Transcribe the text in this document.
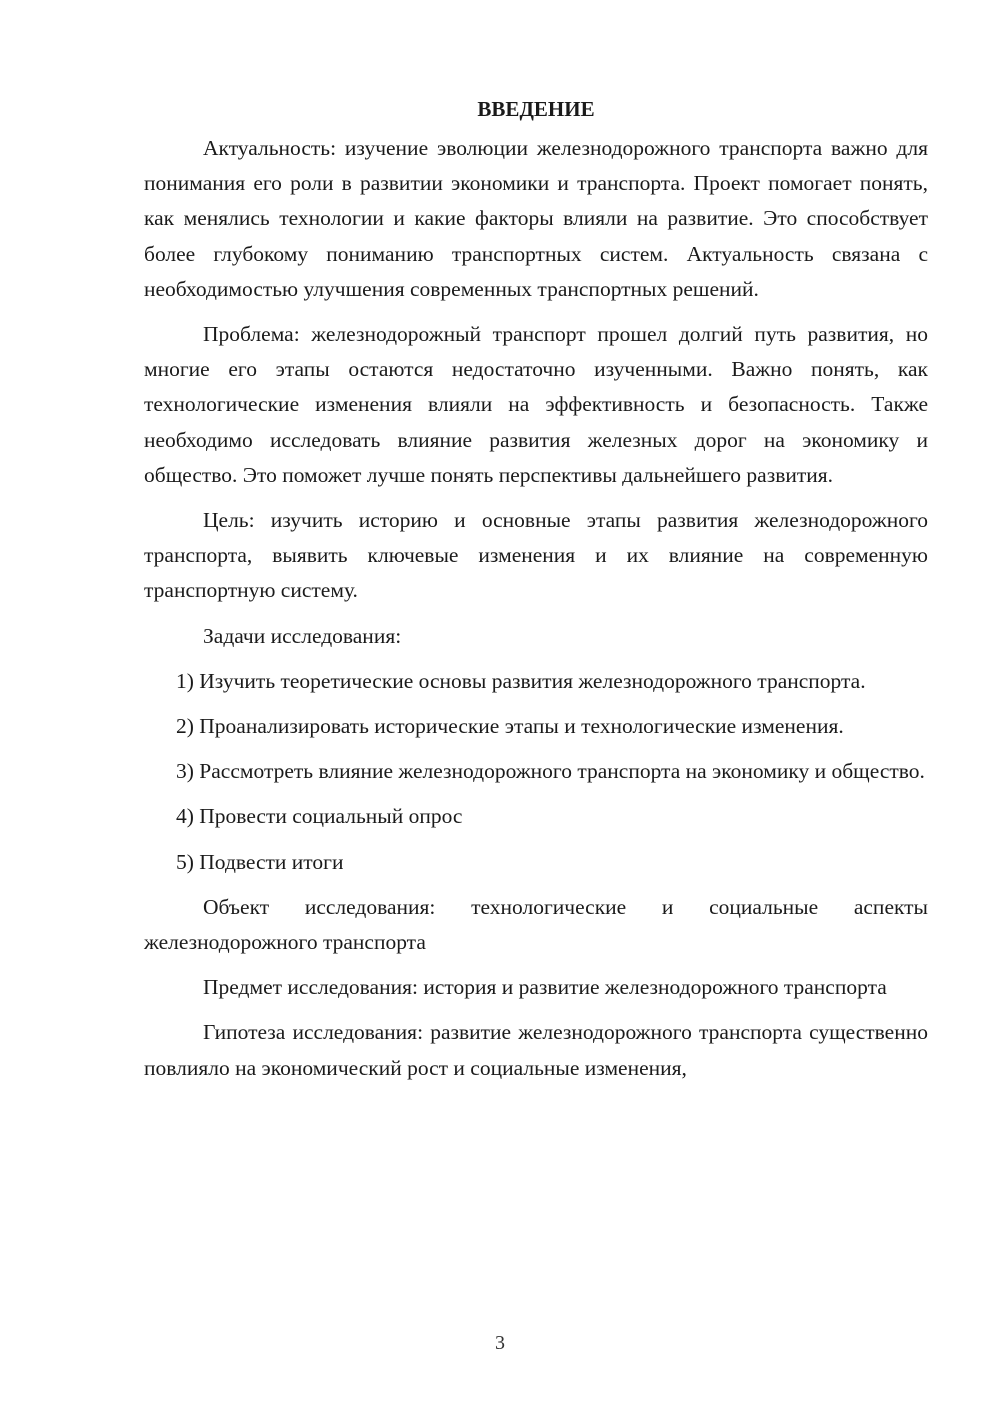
ВВЕДЕНИЕ

Актуальность: изучение эволюции железнодорожного транспорта важно для понимания его роли в развитии экономики и транспорта. Проект помогает понять, как менялись технологии и какие факторы влияли на развитие. Это способствует более глубокому пониманию транспортных систем. Актуальность связана с необходимостью улучшения современных транспортных решений.

Проблема: железнодорожный транспорт прошел долгий путь развития, но многие его этапы остаются недостаточно изученными. Важно понять, как технологические изменения влияли на эффективность и безопасность. Также необходимо исследовать влияние развития железных дорог на экономику и общество. Это поможет лучше понять перспективы дальнейшего развития.

Цель: изучить историю и основные этапы развития железнодорожного транспорта, выявить ключевые изменения и их влияние на современную транспортную систему.

Задачи исследования:

1) Изучить теоретические основы развития железнодорожного транспорта.

2) Проанализировать исторические этапы и технологические изменения.

3) Рассмотреть влияние железнодорожного транспорта на экономику и общество.

4) Провести социальный опрос

5) Подвести итоги

Объект исследования: технологические и социальные аспекты железнодорожного транспорта

Предмет исследования: история и развитие железнодорожного транспорта

Гипотеза исследования: развитие железнодорожного транспорта существенно повлияло на экономический рост и социальные изменения,

3
